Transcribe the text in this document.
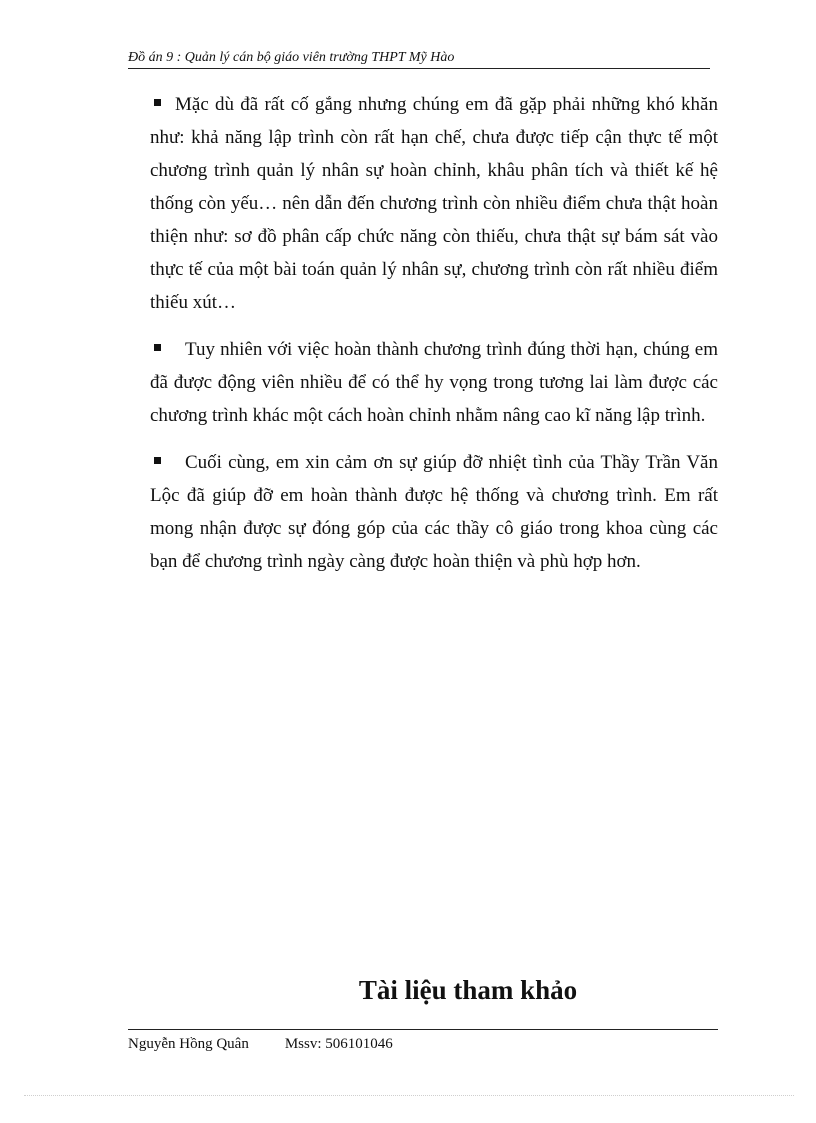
Đồ án 9 : Quản lý cán bộ giáo viên trường THPT Mỹ Hào

Mặc dù đã rất cố gắng nhưng chúng em đã gặp phải những khó khăn như: khả năng lập trình còn rất hạn chế, chưa được tiếp cận thực tế một chương trình quản lý nhân sự hoàn chỉnh, khâu phân tích và thiết kế hệ thống còn yếu… nên dẫn đến chương trình còn nhiều điểm chưa thật hoàn thiện như: sơ đồ phân cấp chức năng còn thiếu, chưa thật sự bám sát vào thực tế của một bài toán quản lý nhân sự, chương trình còn rất nhiều điểm thiếu xút…

Tuy nhiên với việc hoàn thành chương trình đúng thời hạn, chúng em đã được động viên nhiều để có thể hy vọng trong tương lai làm được các chương trình khác một cách hoàn chỉnh nhằm nâng cao kĩ năng lập trình.

Cuối cùng, em xin cảm ơn sự giúp đỡ nhiệt tình của Thầy Trần Văn Lộc đã giúp đỡ em hoàn thành được hệ thống và chương trình. Em rất mong nhận được sự đóng góp của các thầy cô giáo trong khoa cùng các bạn để chương trình ngày càng được hoàn thiện và phù hợp hơn.

Tài liệu tham khảo
Nguyễn Hồng Quân Mssv: 506101046
